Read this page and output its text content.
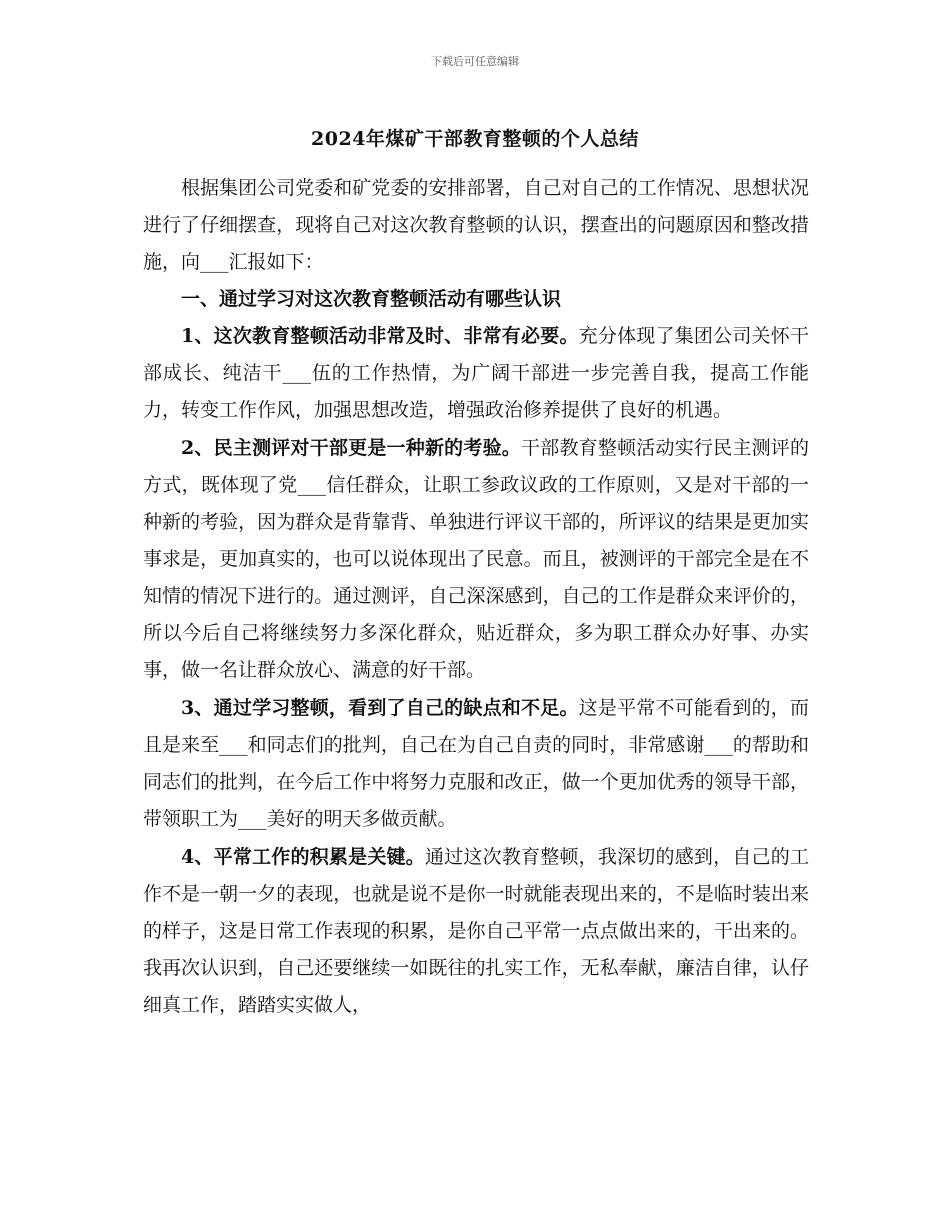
下载后可任意编辑
2024年煤矿干部教育整顿的个人总结

根据集团公司党委和矿党委的安排部署，自己对自己的工作情况、思想状况进行了仔细摆查，现将自己对这次教育整顿的认识，摆查出的问题原因和整改措施，向___汇报如下：

一、通过学习对这次教育整顿活动有哪些认识

1、这次教育整顿活动非常及时、非常有必要。充分体现了集团公司关怀干部成长、纯洁干___伍的工作热情，为广阔干部进一步完善自我，提高工作能力，转变工作作风，加强思想改造，增强政治修养提供了良好的机遇。

2、民主测评对干部更是一种新的考验。干部教育整顿活动实行民主测评的方式，既体现了党___信任群众，让职工参政议政的工作原则，又是对干部的一种新的考验，因为群众是背靠背、单独进行评议干部的，所评议的结果是更加实事求是，更加真实的，也可以说体现出了民意。而且，被测评的干部完全是在不知情的情况下进行的。通过测评，自己深深感到，自己的工作是群众来评价的，所以今后自己将继续努力多深化群众，贴近群众，多为职工群众办好事、办实事，做一名让群众放心、满意的好干部。

3、通过学习整顿，看到了自己的缺点和不足。这是平常不可能看到的，而且是来至___和同志们的批判，自己在为自己自责的同时，非常感谢___的帮助和同志们的批判，在今后工作中将努力克服和改正，做一个更加优秀的领导干部，带领职工为___美好的明天多做贡献。

4、平常工作的积累是关键。通过这次教育整顿，我深切的感到，自己的工作不是一朝一夕的表现，也就是说不是你一时就能表现出来的，不是临时装出来的样子，这是日常工作表现的积累，是你自己平常一点点做出来的，干出来的。我再次认识到，自己还要继续一如既往的扎实工作，无私奉献，廉洁自律，认仔细真工作，踏踏实实做人，
